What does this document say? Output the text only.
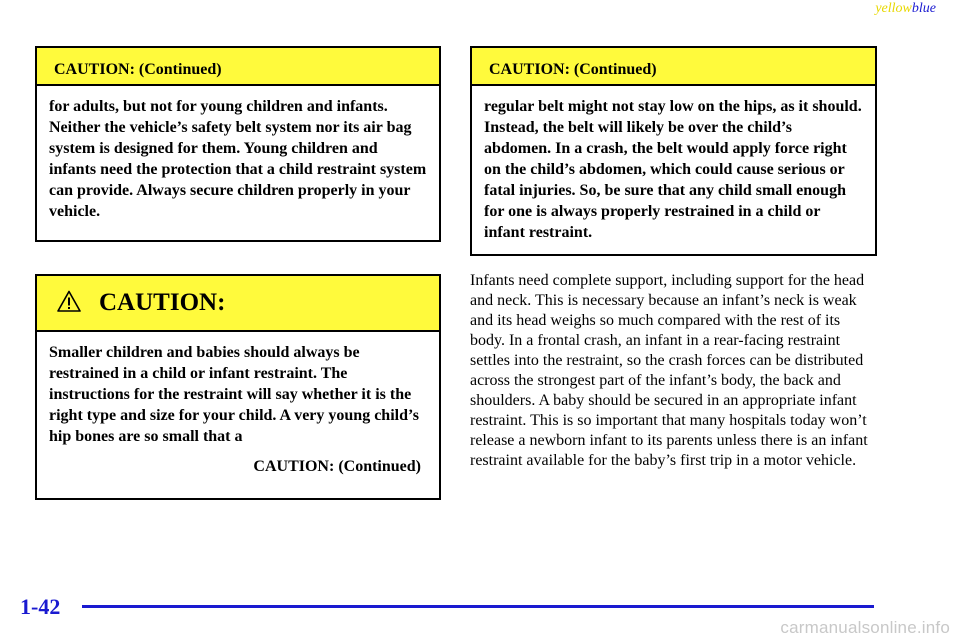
yellowblue
CAUTION: (Continued)
for adults, but not for young children and infants. Neither the vehicle’s safety belt system nor its air bag system is designed for them. Young children and infants need the protection that a child restraint system can provide. Always secure children properly in your vehicle.
CAUTION:
Smaller children and babies should always be restrained in a child or infant restraint. The instructions for the restraint will say whether it is the right type and size for your child. A very young child’s hip bones are so small that a
CAUTION: (Continued)
CAUTION: (Continued)
regular belt might not stay low on the hips, as it should. Instead, the belt will likely be over the child’s abdomen. In a crash, the belt would apply force right on the child’s abdomen, which could cause serious or fatal injuries. So, be sure that any child small enough for one is always properly restrained in a child or infant restraint.
Infants need complete support, including support for the head and neck. This is necessary because an infant’s neck is weak and its head weighs so much compared with the rest of its body. In a frontal crash, an infant in a rear-facing restraint settles into the restraint, so the crash forces can be distributed across the strongest part of the infant’s body, the back and shoulders. A baby should be secured in an appropriate infant restraint. This is so important that many hospitals today won’t release a newborn infant to its parents unless there is an infant restraint available for the baby’s first trip in a motor vehicle.
1-42
carmanualsonline.info
